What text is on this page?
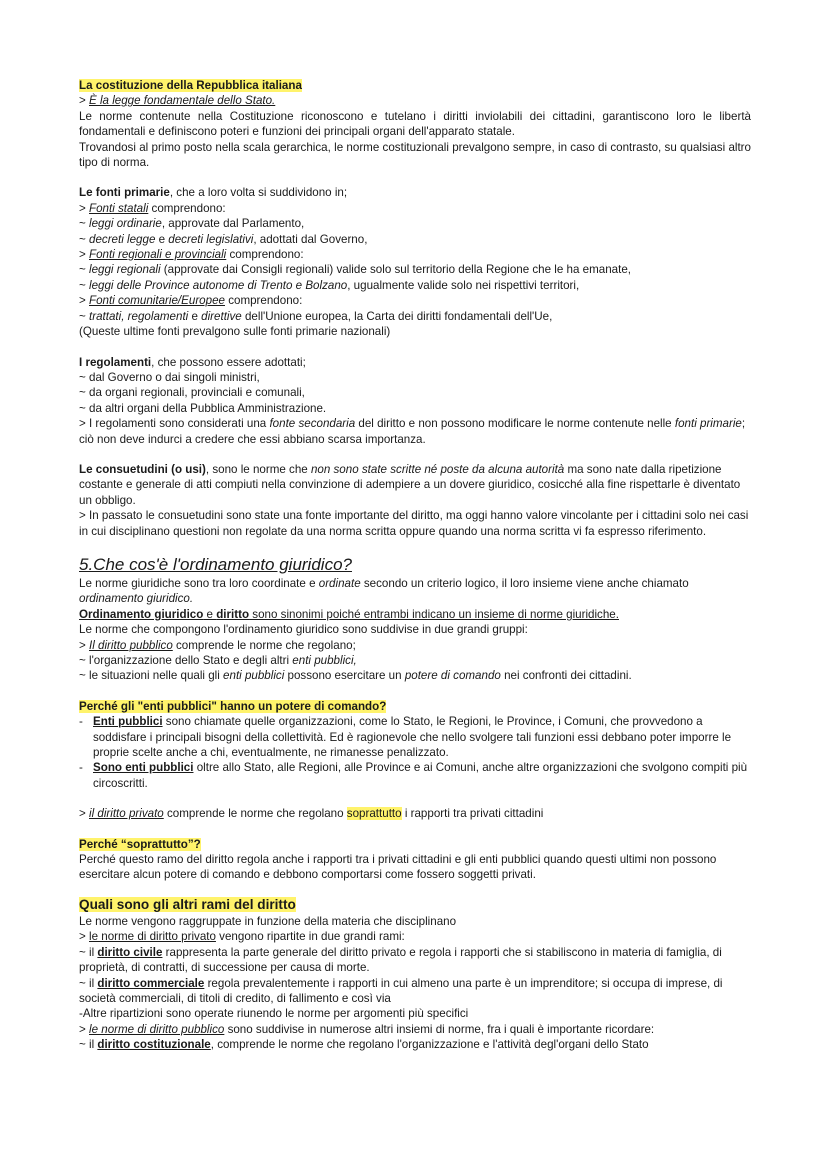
La costituzione della Repubblica italiana

> È la legge fondamentale dello Stato.

Le norme contenute nella Costituzione riconoscono e tutelano i diritti inviolabili dei cittadini, garantiscono loro le libertà fondamentali e definiscono poteri e funzioni dei principali organi dell'apparato statale.

Trovandosi al primo posto nella scala gerarchica, le norme costituzionali prevalgono sempre, in caso di contrasto, su qualsiasi altro tipo di norma.

Le fonti primarie, che a loro volta si suddividono in;

> Fonti statali comprendono:

~ leggi ordinarie, approvate dal Parlamento,

~ decreti legge e decreti legislativi, adottati dal Governo,

> Fonti regionali e provinciali comprendono:

~ leggi regionali (approvate dai Consigli regionali) valide solo sul territorio della Regione che le ha emanate,

~ leggi delle Province autonome di Trento e Bolzano, ugualmente valide solo nei rispettivi territori,

> Fonti comunitarie/Europee comprendono:

~ trattati, regolamenti e direttive dell'Unione europea, la Carta dei diritti fondamentali dell'Ue,

(Queste ultime fonti prevalgono sulle fonti primarie nazionali)

I regolamenti, che possono essere adottati;

~ dal Governo o dai singoli ministri,

~ da organi regionali, provinciali e comunali,

~ da altri organi della Pubblica Amministrazione.

> I regolamenti sono considerati una fonte secondaria del diritto e non possono modificare le norme contenute nelle fonti primarie; ciò non deve indurci a credere che essi abbiano scarsa importanza.

Le consuetudini (o usi), sono le norme che non sono state scritte né poste da alcuna autorità ma sono nate dalla ripetizione costante e generale di atti compiuti nella convinzione di adempiere a un dovere giuridico, cosicché alla fine rispettarle è diventato un obbligo.

> In passato le consuetudini sono state una fonte importante del diritto, ma oggi hanno valore vincolante per i cittadini solo nei casi in cui disciplinano questioni non regolate da una norma scritta oppure quando una norma scritta vi fa espresso riferimento.

5.Che cos'è l'ordinamento giuridico?

Le norme giuridiche sono tra loro coordinate e ordinate secondo un criterio logico, il loro insieme viene anche chiamato ordinamento giuridico.

Ordinamento giuridico e diritto sono sinonimi poiché entrambi indicano un insieme di norme giuridiche.

Le norme che compongono l'ordinamento giuridico sono suddivise in due grandi gruppi:

> Il diritto pubblico comprende le norme che regolano;

~ l'organizzazione dello Stato e degli altri enti pubblici,

~ le situazioni nelle quali gli enti pubblici possono esercitare un potere di comando nei confronti dei cittadini.

Perché gli "enti pubblici" hanno un potere di comando?

- Enti pubblici sono chiamate quelle organizzazioni, come lo Stato, le Regioni, le Province, i Comuni, che provvedono a soddisfare i principali bisogni della collettività. Ed è ragionevole che nello svolgere tali funzioni essi debbano poter imporre le proprie scelte anche a chi, eventualmente, ne rimanesse penalizzato.

- Sono enti pubblici oltre allo Stato, alle Regioni, alle Province e ai Comuni, anche altre organizzazioni che svolgono compiti più circoscritti.

> il diritto privato comprende le norme che regolano soprattutto i rapporti tra privati cittadini

Perché “soprattutto”?

Perché questo ramo del diritto regola anche i rapporti tra i privati cittadini e gli enti pubblici quando questi ultimi non possono esercitare alcun potere di comando e debbono comportarsi come fossero soggetti privati.

Quali sono gli altri rami del diritto

Le norme vengono raggruppate in funzione della materia che disciplinano

> le norme di diritto privato vengono ripartite in due grandi rami:

~ il diritto civile rappresenta la parte generale del diritto privato e regola i rapporti che si stabiliscono in materia di famiglia, di proprietà, di contratti, di successione per causa di morte.

~ il diritto commerciale regola prevalentemente i rapporti in cui almeno una parte è un imprenditore; si occupa di imprese, di società commerciali, di titoli di credito, di fallimento e così via

-Altre ripartizioni sono operate riunendo le norme per argomenti più specifici

> le norme di diritto pubblico sono suddivise in numerose altri insiemi di norme, fra i quali è importante ricordare:

~ il diritto costituzionale, comprende le norme che regolano l'organizzazione e l'attività degl'organi dello Stato
